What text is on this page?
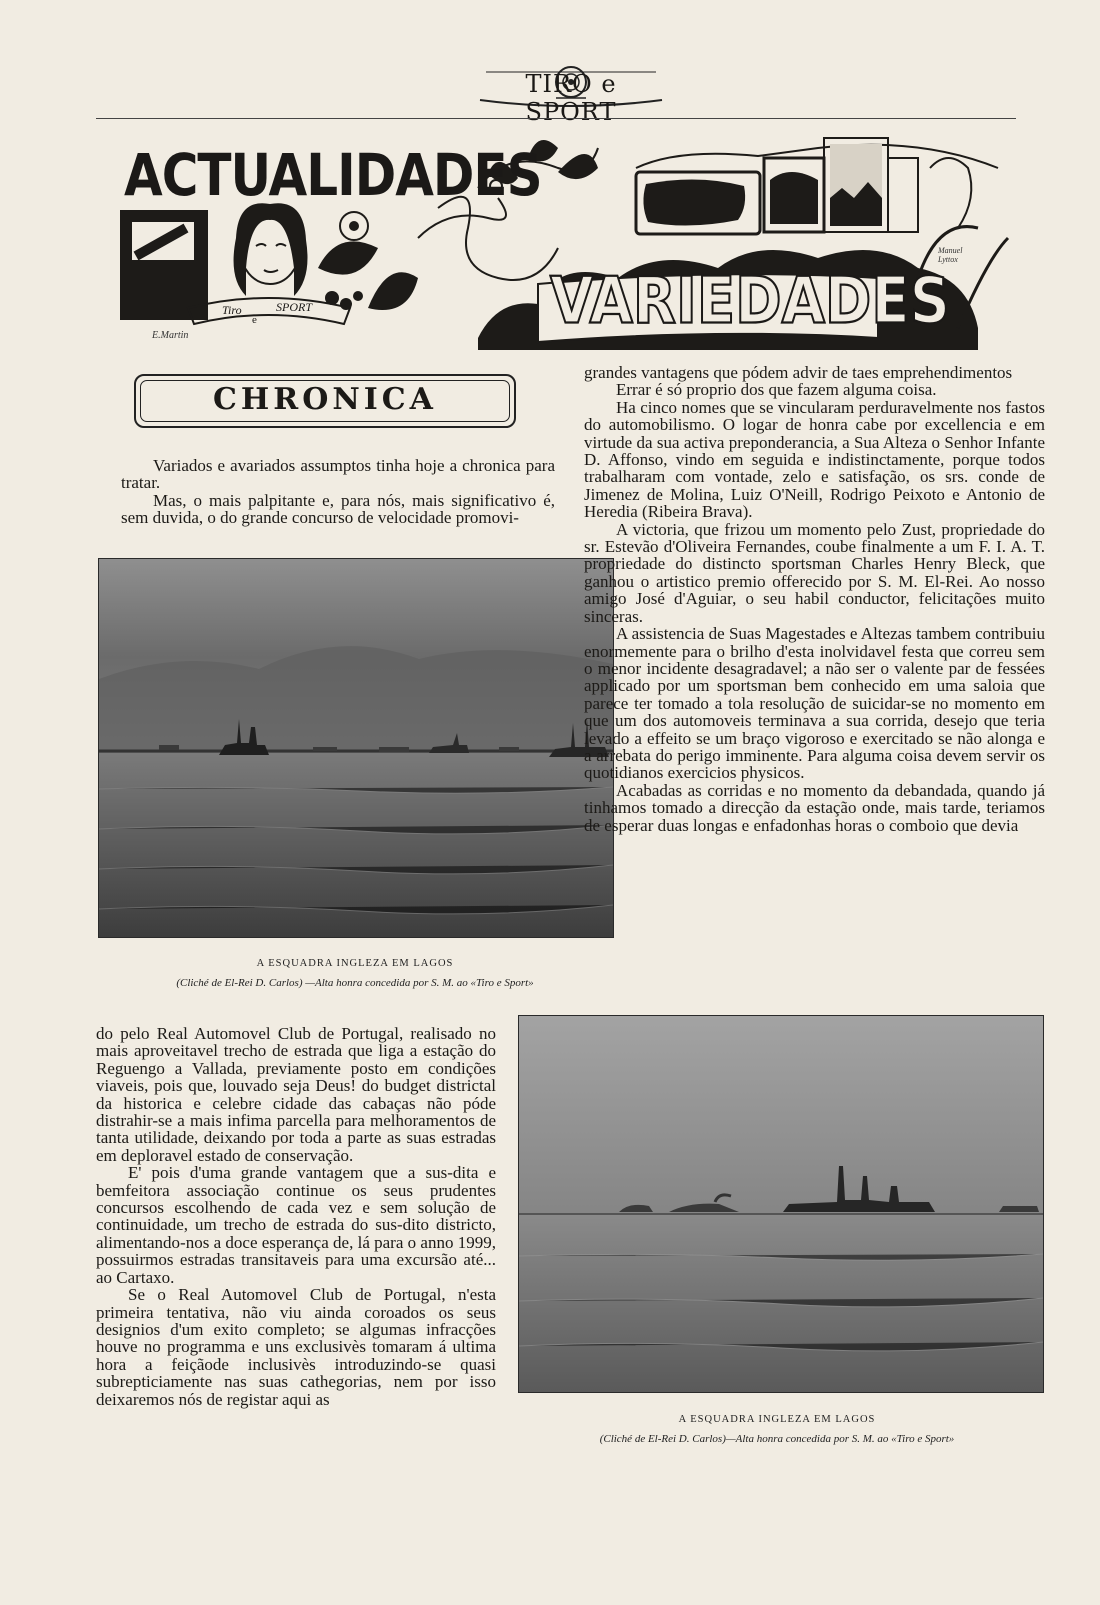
TIRO e SPORT
ACTUALIDADES
VARIEDADES
Tiro
e
SPORT
E.Martin
Manuel Lyttox
CHRONICA

Variados e avariados assumptos tinha hoje a chronica para tratar.

Mas, o mais palpitante e, para nós, mais significativo é, sem duvida, o do grande concurso de velocidade promovi-

A ESQUADRA INGLEZA EM LAGOS
(Cliché de El-Rei D. Carlos) —Alta honra concedida por S. M. ao «Tiro e Sport»

grandes vantagens que pódem advir de taes emprehendimentos

Errar é só proprio dos que fazem alguma coisa.

Ha cinco nomes que se vincularam perduravelmente nos fastos do automobilismo. O logar de honra cabe por excellencia e em virtude da sua activa preponderancia, a Sua Alteza o Senhor Infante D. Affonso, vindo em seguida e indistinctamente, porque todos trabalharam com vontade, zelo e satisfação, os srs. conde de Jimenez de Molina, Luiz O'Neill, Rodrigo Peixoto e Antonio de Heredia (Ribeira Brava).

A victoria, que frizou um momento pelo Zust, propriedade do sr. Estevão d'Oliveira Fernandes, coube finalmente a um F. I. A. T. propriedade do distincto sportsman Charles Henry Bleck, que ganhou o artistico premio offerecido por S. M. El-Rei. Ao nosso amigo José d'Aguiar, o seu habil conductor, felicitações muito sinceras.

A assistencia de Suas Magestades e Altezas tambem contribuiu enormemente para o brilho d'esta inolvidavel festa que correu sem o menor incidente desagradavel; a não ser o valente par de fessées applicado por um sportsman bem conhecido em uma saloia que parece ter tomado a tola resolução de suicidar-se no momento em que um dos automoveis terminava a sua corrida, desejo que teria levado a effeito se um braço vigoroso e exercitado se não alonga e a arrebata do perigo imminente. Para alguma coisa devem servir os quotidianos exercicios physicos.

Acabadas as corridas e no momento da debandada, quando já tinhamos tomado a direcção da estação onde, mais tarde, teriamos de esperar duas longas e enfadonhas horas o comboio que devia

do pelo Real Automovel Club de Portugal, realisado no mais aproveitavel trecho de estrada que liga a estação do Reguengo a Vallada, previamente posto em condições viaveis, pois que, louvado seja Deus! do budget districtal da historica e celebre cidade das cabaças não póde distrahir-se a mais infima parcella para melhoramentos de tanta utilidade, deixando por toda a parte as suas estradas em deploravel estado de conservação.

E' pois d'uma grande vantagem que a sus-dita e bemfeitora associação continue os seus prudentes concursos escolhendo de cada vez e sem solução de continuidade, um trecho de estrada do sus-dito districto, alimentando-nos a doce esperança de, lá para o anno 1999, possuirmos estradas transitaveis para uma excursão até... ao Cartaxo.

Se o Real Automovel Club de Portugal, n'esta primeira tentativa, não viu ainda coroados os seus designios d'um exito completo; se algumas infracções houve no programma e uns exclusivès tomaram á ultima hora a feiçãode inclusivès introduzindo-se quasi subrepticiamente nas suas cathegorias, nem por isso deixaremos nós de registar aqui as

A ESQUADRA INGLEZA EM LAGOS
(Cliché de El-Rei D. Carlos)—Alta honra concedida por S. M. ao «Tiro e Sport»
